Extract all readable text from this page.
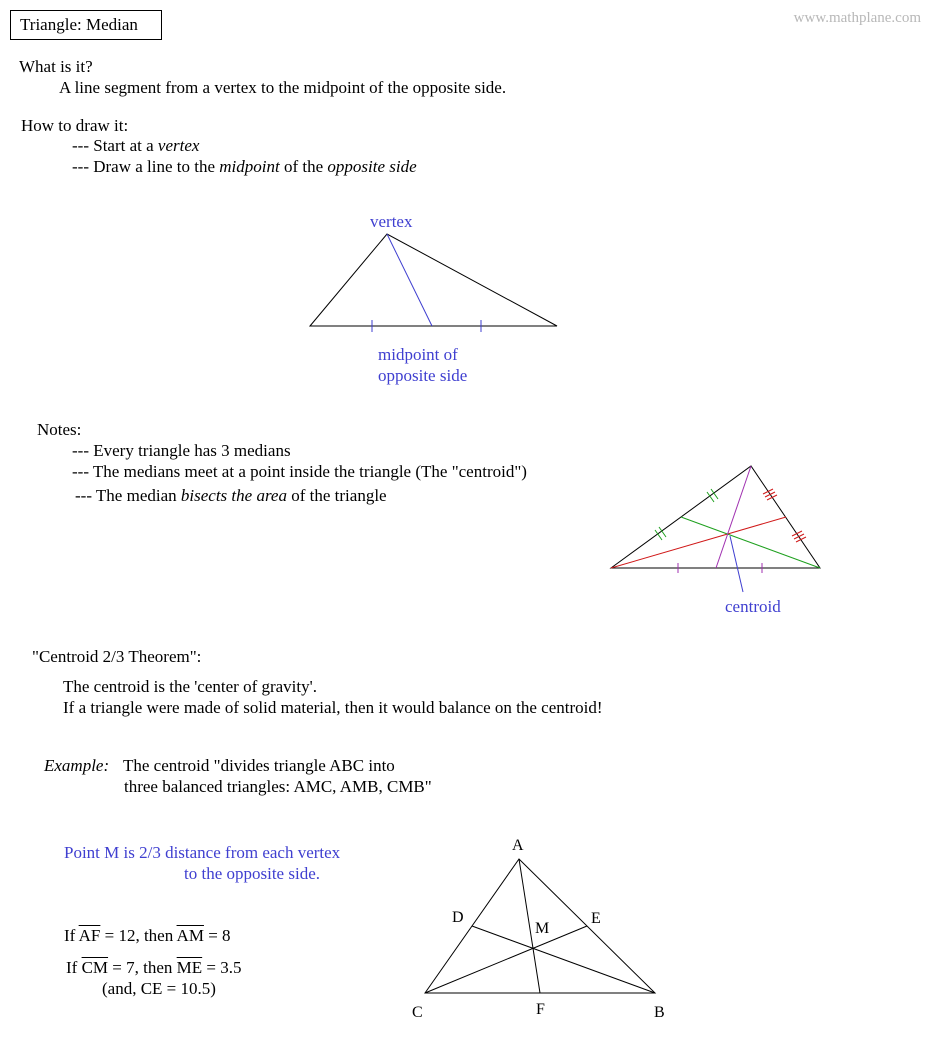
Triangle: Median	www.mathplane.com
What is it?
A line segment from a vertex to the midpoint of the opposite side.
How to draw it:
--- Start at a vertex
--- Draw a line to the midpoint of the opposite side
vertex
midpoint of
opposite side
Notes:
--- Every triangle has 3 medians
--- The medians meet at a point inside the triangle (The "centroid")
--- The median bisects the area of the triangle
centroid
"Centroid 2/3 Theorem":
The centroid is the 'center of gravity'.
If a triangle were made of solid material, then it would balance on the centroid!
Example: The centroid "divides triangle ABC into
three balanced triangles: AMC, AMB, CMB"
Point M is 2/3 distance from each vertex
to the opposite side.
If $\overline{AF} = 12$, then $\overline{AM} = 8$
If $\overline{CM} = 7$, then $\overline{ME} = 3.5$
(and, CE = 10.5)
A
D	E
M
C	F	B
